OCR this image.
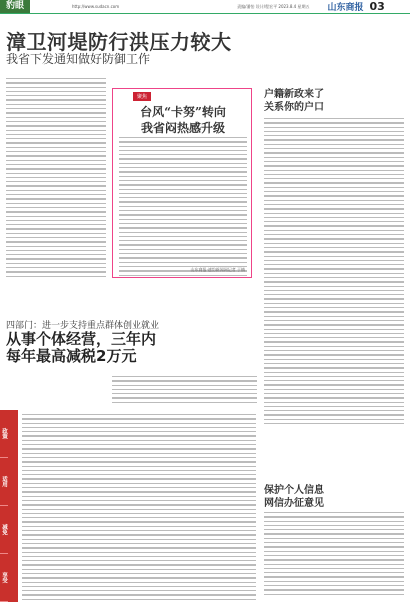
豹眼	http://www.sudacn.com	责编/潘怡 设计/程宏平 2023.8.4 星期五 山东商报 03
漳卫河堤防行洪压力较大
我省下发通知做好防御工作
聚焦
台风“卡努”转向
我省闷热感升级
山东商报·速豹新闻网记者 于楠
户籍新政来了
关系你的户口
四部门：进一步支持重点群体创业就业
从事个体经营，三年内
每年最高减税2万元
政策
适用
减免
享受
保护个人信息
网信办征意见
